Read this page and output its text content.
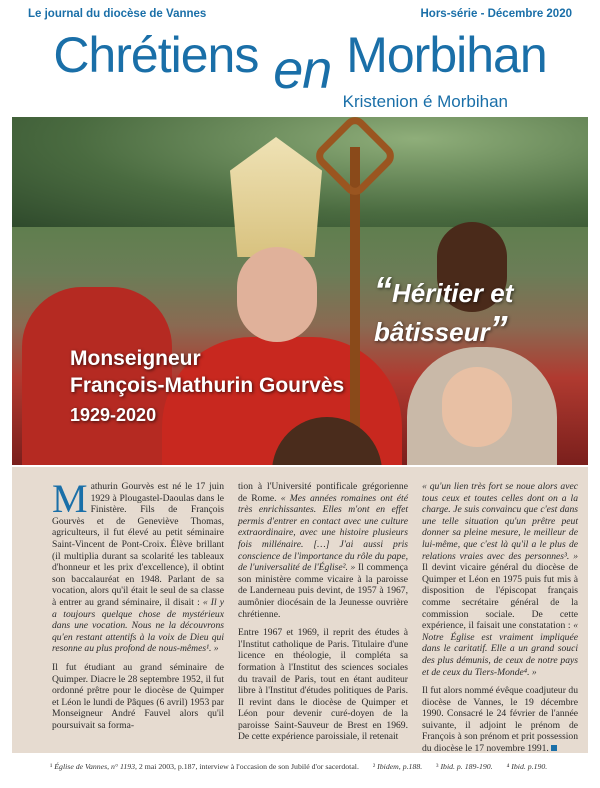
Le journal du diocèse de Vannes	Hors-série - Décembre 2020
Chrétiens en Morbihan
Kristenion é Morbihan
Monseigneur
François-Mathurin Gourvès
1929-2020
“Héritier et
bâtisseur”

Mathurin Gourvès est né le 17 juin 1929 à Plougastel-Daoulas dans le Finistère. Fils de François Gourvès et de Geneviève Thomas, agriculteurs, il fut élevé au petit séminaire Saint-Vincent de Pont-Croix. Élève brillant (il multiplia durant sa scolarité les tableaux d'honneur et les prix d'excellence), il obtint son baccalauréat en 1948. Parlant de sa vocation, alors qu'il était le seul de sa classe à entrer au grand séminaire, il disait : « Il y a toujours quelque chose de mystérieux dans une vocation. Nous ne la découvrons qu'en restant attentifs à la voix de Dieu qui resonne au plus profond de nous-mêmes¹. »

Il fut étudiant au grand séminaire de Quimper. Diacre le 28 septembre 1952, il fut ordonné prêtre pour le diocèse de Quimper et Léon le lundi de Pâques (6 avril) 1953 par Monseigneur André Fauvel alors qu'il poursuivait sa forma-

tion à l'Université pontificale grégorienne de Rome. « Mes années romaines ont été très enrichissantes. Elles m'ont en effet permis d'entrer en contact avec une culture extraordinaire, avec une histoire plusieurs fois millénaire. […] J'ai aussi pris conscience de l'importance du rôle du pape, de l'universalité de l'Église². » Il commença son ministère comme vicaire à la paroisse de Landerneau puis devint, de 1957 à 1967, aumônier diocésain de la Jeunesse ouvrière chrétienne.

Entre 1967 et 1969, il reprit des études à l'Institut catholique de Paris. Titulaire d'une licence en théologie, il compléta sa formation à l'Institut des sciences sociales du travail de Paris, tout en étant auditeur libre à l'Institut d'études politiques de Paris. Il revint dans le diocèse de Quimper et Léon pour devenir curé-doyen de la paroisse Saint-Sauveur de Brest en 1969. De cette expérience paroissiale, il retenait

« qu'un lien très fort se noue alors avec tous ceux et toutes celles dont on a la charge. Je suis convaincu que c'est dans une telle situation qu'un prêtre peut donner sa pleine mesure, le meilleur de lui-même, que c'est là qu'il a le plus de relations vraies avec des personnes³. » Il devint vicaire général du diocèse de Quimper et Léon en 1975 puis fut mis à disposition de l'épiscopat français comme secrétaire général de la commission sociale. De cette expérience, il faisait une constatation : « Notre Église est vraiment impliquée dans le caritatif. Elle a un grand souci des plus démunis, de ceux de notre pays et de ceux du Tiers-Monde⁴. »

Il fut alors nommé évêque coadjuteur du diocèse de Vannes, le 19 décembre 1990. Consacré le 24 février de l'année suivante, il adjoint le prénom de François à son prénom et prit possession du diocèse le 17 novembre 1991.

¹ Église de Vannes, n° 1193, 2 mai 2003, p.187, interview à l'occasion de son Jubilé d'or sacerdotal. ² Ibidem, p.188. ³ Ibid. p. 189-190. ⁴ Ibid. p.190.
